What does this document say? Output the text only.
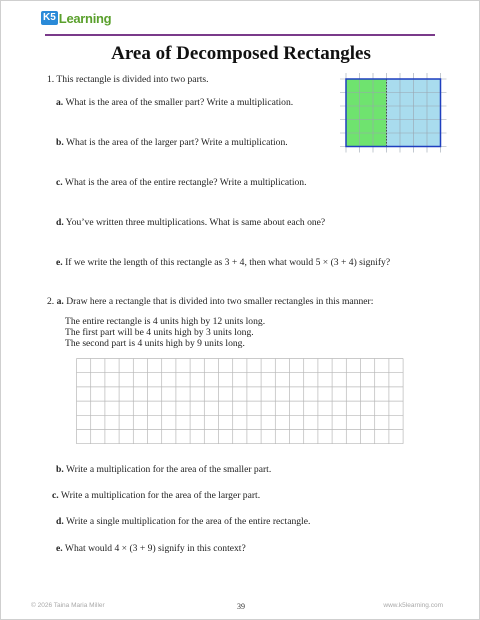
K5 Learning
Area of Decomposed Rectangles
1. This rectangle is divided into two parts.
a. What is the area of the smaller part? Write a multiplication.
b. What is the area of the larger part? Write a multiplication.
c. What is the area of the entire rectangle? Write a multiplication.
d. You’ve written three multiplications. What is same about each one?
e. If we write the length of this rectangle as 3 + 4, then what would 5 × (3 + 4) signify?
2. a. Draw here a rectangle that is divided into two smaller rectangles in this manner:
The entire rectangle is 4 units high by 12 units long.
The first part will be 4 units high by 3 units long.
The second part is 4 units high by 9 units long.
b. Write a multiplication for the area of the smaller part.
c. Write a multiplication for the area of the larger part.
d. Write a single multiplication for the area of the entire rectangle.
e. What would 4 × (3 + 9) signify in this context?
© 2026 Taina Maria Miller	39	www.k5learning.com
